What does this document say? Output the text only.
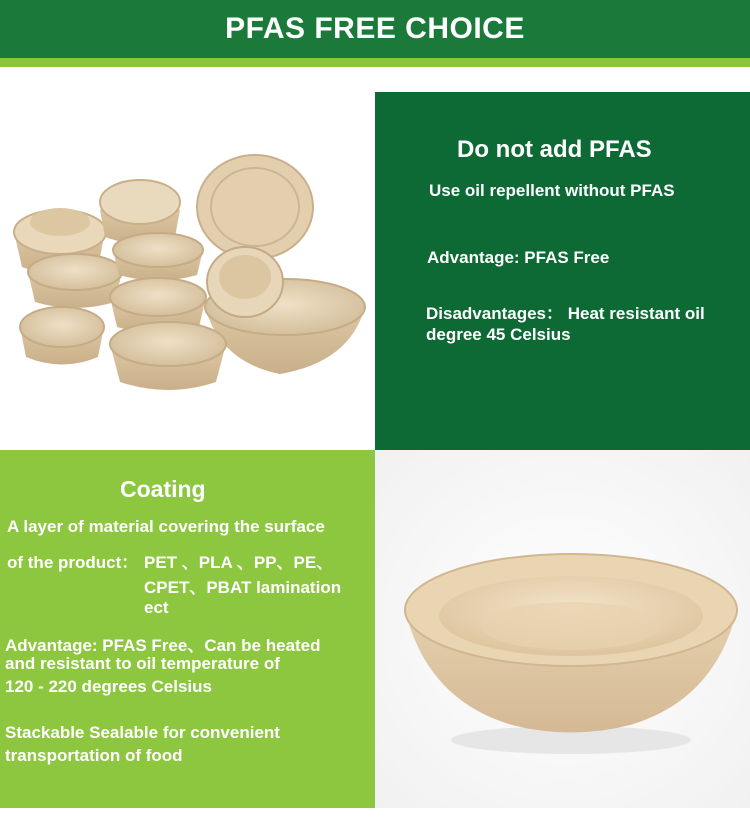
PFAS FREE CHOICE
Do not add PFAS
Use oil repellent without PFAS
Advantage: PFAS Free
Disadvantages： Heat resistant oil
degree 45 Celsius
Coating
A layer of material covering the surface
of the product： PET 、PLA 、PP、PE、
CPET、PBAT lamination
ect
Advantage: PFAS Free、Can be heated
and resistant to oil temperature of
120 - 220 degrees Celsius
Stackable Sealable for convenient
transportation of food
